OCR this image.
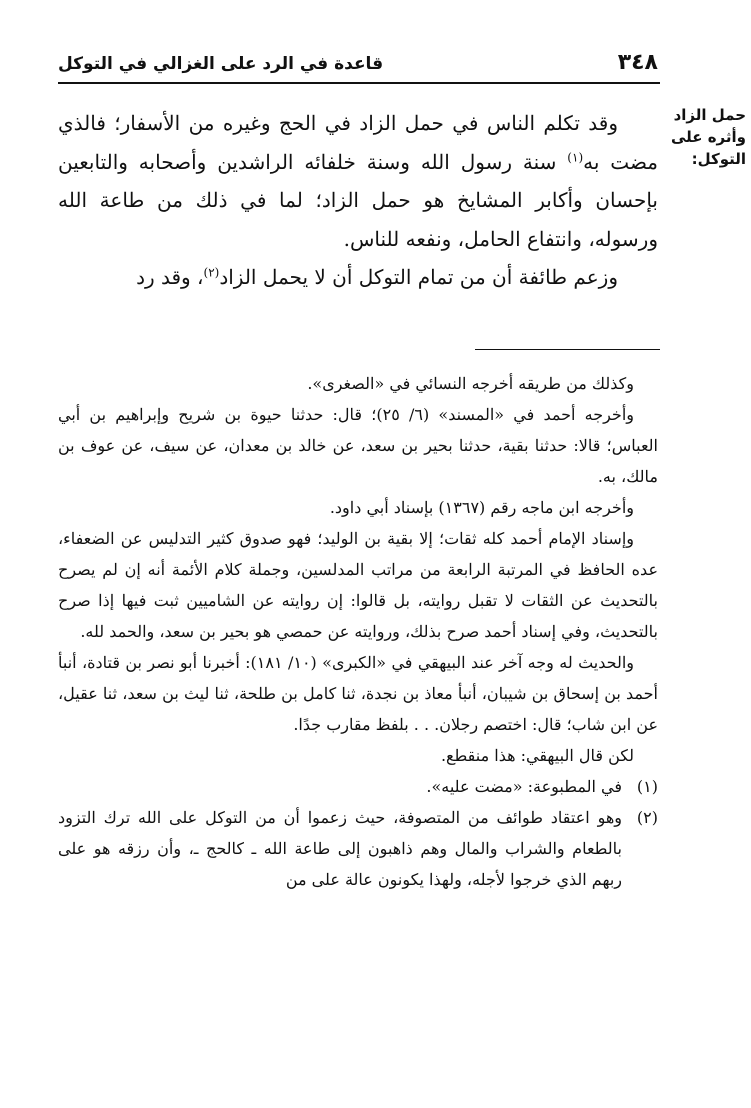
٣٤٨
قاعدة في الرد على الغزالي في التوكل
حمل الزاد
وأثره على
التوكل:

وقد تكلم الناس في حمل الزاد في الحج وغيره من الأسفار؛ فالذي مضت به$^{(١)}$ سنة رسول الله وسنة خلفائه الراشدين وأصحابه والتابعين بإحسان وأكابر المشايخ هو حمل الزاد؛ لما في ذلك من طاعة الله ورسوله، وانتفاع الحامل، ونفعه للناس.

وزعم طائفة أن من تمام التوكل أن لا يحمل الزاد$^{(٢)}$، وقد رد

وكذلك من طريقه أخرجه النسائي في «الصغرى».

وأخرجه أحمد في «المسند» (٦/ ٢٥)؛ قال: حدثنا حيوة بن شريح وإبراهيم بن أبي العباس؛ قالا: حدثنا بقية، حدثنا بحير بن سعد، عن خالد بن معدان، عن سيف، عن عوف بن مالك، به.

وأخرجه ابن ماجه رقم (١٣٦٧) بإسناد أبي داود.

وإسناد الإمام أحمد كله ثقات؛ إلا بقية بن الوليد؛ فهو صدوق كثير التدليس عن الضعفاء، عده الحافظ في المرتبة الرابعة من مراتب المدلسين، وجملة كلام الأئمة أنه إن لم يصرح بالتحديث عن الثقات لا تقبل روايته، بل قالوا: إن روايته عن الشاميين ثبت فيها إذا صرح بالتحديث، وفي إسناد أحمد صرح بذلك، وروايته عن حمصي هو بحير بن سعد، والحمد لله.

والحديث له وجه آخر عند البيهقي في «الكبرى» (١٠/ ١٨١): أخبرنا أبو نصر بن قتادة، أنبأ أحمد بن إسحاق بن شيبان، أنبأ معاذ بن نجدة، ثنا كامل بن طلحة، ثنا ليث بن سعد، ثنا عقيل، عن ابن شاب؛ قال: اختصم رجلان. . . بلفظ مقارب جدًا.

لكن قال البيهقي: هذا منقطع.

(١)
في المطبوعة: «مضت عليه».

(٢)
وهو اعتقاد طوائف من المتصوفة، حيث زعموا أن من التوكل على الله ترك التزود بالطعام والشراب والمال وهم ذاهبون إلى طاعة الله ـ كالحج ـ، وأن رزقه هو على ربهم الذي خرجوا لأجله، ولهذا يكونون عالة على من
